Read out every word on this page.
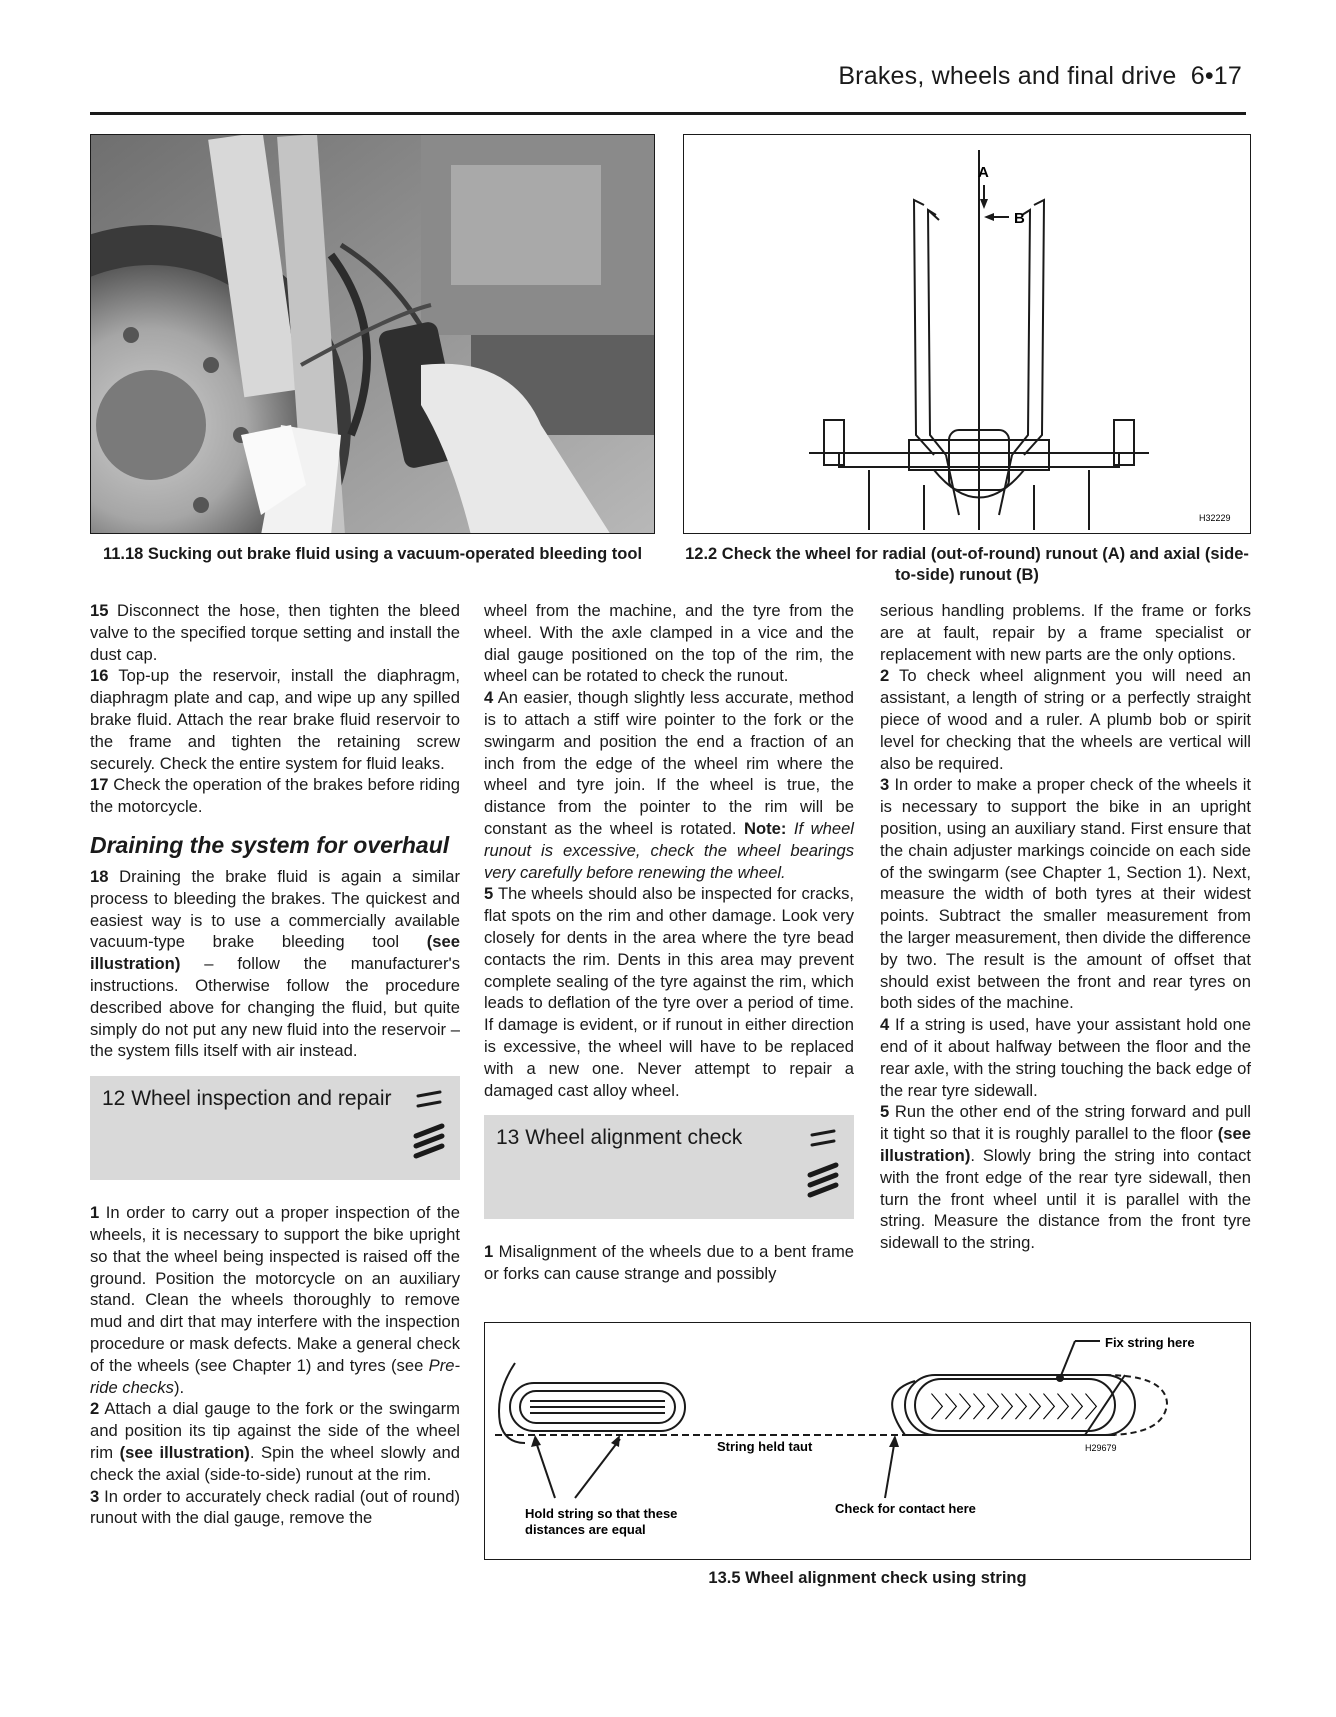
Brakes, wheels and final drive 6•17
11.18 Sucking out brake fluid using a vacuum-operated bleeding tool
A
B
H32229
12.2 Check the wheel for radial (out-of-round) runout (A) and axial (side-to-side) runout (B)

15 Disconnect the hose, then tighten the bleed valve to the specified torque setting and install the dust cap.

16 Top-up the reservoir, install the diaphragm, diaphragm plate and cap, and wipe up any spilled brake fluid. Attach the rear brake fluid reservoir to the frame and tighten the retaining screw securely. Check the entire system for fluid leaks.

17 Check the operation of the brakes before riding the motorcycle.

Draining the system for overhaul

18 Draining the brake fluid is again a similar process to bleeding the brakes. The quickest and easiest way is to use a commercially available vacuum-type brake bleeding tool (see illustration) – follow the manufacturer's instructions. Otherwise follow the procedure described above for changing the fluid, but quite simply do not put any new fluid into the reservoir – the system fills itself with air instead.

12 Wheel inspection and repair

1 In order to carry out a proper inspection of the wheels, it is necessary to support the bike upright so that the wheel being inspected is raised off the ground. Position the motorcycle on an auxiliary stand. Clean the wheels thoroughly to remove mud and dirt that may interfere with the inspection procedure or mask defects. Make a general check of the wheels (see Chapter 1) and tyres (see Pre-ride checks).

2 Attach a dial gauge to the fork or the swingarm and position its tip against the side of the wheel rim (see illustration). Spin the wheel slowly and check the axial (side-to-side) runout at the rim.

3 In order to accurately check radial (out of round) runout with the dial gauge, remove the

wheel from the machine, and the tyre from the wheel. With the axle clamped in a vice and the dial gauge positioned on the top of the rim, the wheel can be rotated to check the runout.

4 An easier, though slightly less accurate, method is to attach a stiff wire pointer to the fork or the swingarm and position the end a fraction of an inch from the edge of the wheel rim where the wheel and tyre join. If the wheel is true, the distance from the pointer to the rim will be constant as the wheel is rotated. Note: If wheel runout is excessive, check the wheel bearings very carefully before renewing the wheel.

5 The wheels should also be inspected for cracks, flat spots on the rim and other damage. Look very closely for dents in the area where the tyre bead contacts the rim. Dents in this area may prevent complete sealing of the tyre against the rim, which leads to deflation of the tyre over a period of time. If damage is evident, or if runout in either direction is excessive, the wheel will have to be replaced with a new one. Never attempt to repair a damaged cast alloy wheel.

13 Wheel alignment check

1 Misalignment of the wheels due to a bent frame or forks can cause strange and possibly

serious handling problems. If the frame or forks are at fault, repair by a frame specialist or replacement with new parts are the only options.

2 To check wheel alignment you will need an assistant, a length of string or a perfectly straight piece of wood and a ruler. A plumb bob or spirit level for checking that the wheels are vertical will also be required.

3 In order to make a proper check of the wheels it is necessary to support the bike in an upright position, using an auxiliary stand. First ensure that the chain adjuster markings coincide on each side of the swingarm (see Chapter 1, Section 1). Next, measure the width of both tyres at their widest points. Subtract the smaller measurement from the larger measurement, then divide the difference by two. The result is the amount of offset that should exist between the front and rear tyres on both sides of the machine.

4 If a string is used, have your assistant hold one end of it about halfway between the floor and the rear axle, with the string touching the back edge of the rear tyre sidewall.

5 Run the other end of the string forward and pull it tight so that it is roughly parallel to the floor (see illustration). Slowly bring the string into contact with the front edge of the rear tyre sidewall, then turn the front wheel until it is parallel with the string. Measure the distance from the front tyre sidewall to the string.

〉〉〉〉〉〉〉〉〉〉〉〉
Fix string here
String held taut	H29679
Hold string so that these
distances are equal
Check for contact here
13.5 Wheel alignment check using string
